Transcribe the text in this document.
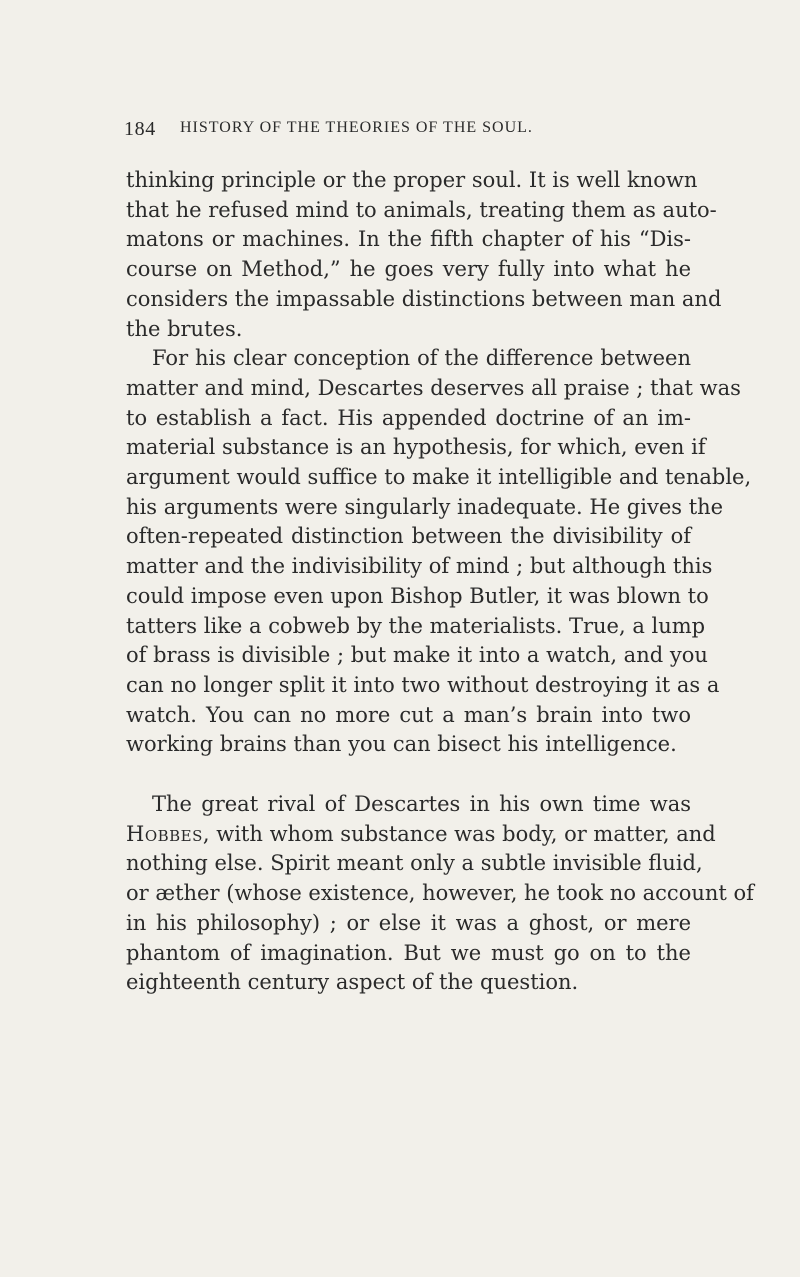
184 HISTORY OF THE THEORIES OF THE SOUL.
thinking principle or the proper soul. It is well known
that he refused mind to animals, treating them as auto-
matons or machines. In the fifth chapter of his “Dis-
course on Method,” he goes very fully into what he
considers the impassable distinctions between man and
the brutes.
For his clear conception of the difference between
matter and mind, Descartes deserves all praise ; that was
to establish a fact. His appended doctrine of an im-
material substance is an hypothesis, for which, even if
argument would suffice to make it intelligible and tenable,
his arguments were singularly inadequate. He gives the
often-repeated distinction between the divisibility of
matter and the indivisibility of mind ; but although this
could impose even upon Bishop Butler, it was blown to
tatters like a cobweb by the materialists. True, a lump
of brass is divisible ; but make it into a watch, and you
can no longer split it into two without destroying it as a
watch. You can no more cut a man’s brain into two
working brains than you can bisect his intelligence.
The great rival of Descartes in his own time was
Hobbes, with whom substance was body, or matter, and
nothing else. Spirit meant only a subtle invisible fluid,
or æther (whose existence, however, he took no account of
in his philosophy) ; or else it was a ghost, or mere
phantom of imagination. But we must go on to the
eighteenth century aspect of the question.
